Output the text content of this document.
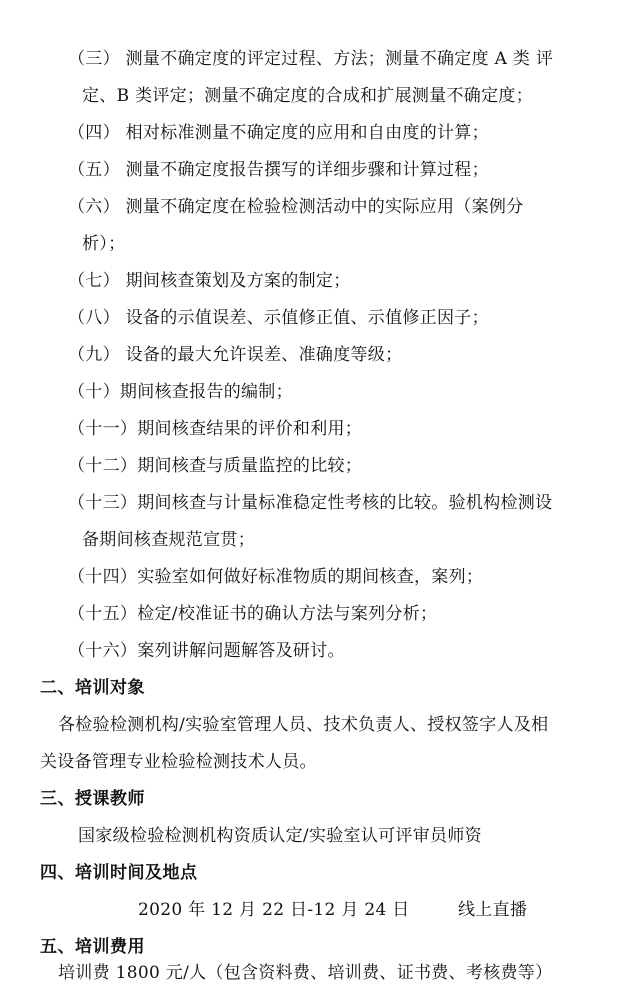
（三） 测量不确定度的评定过程、方法；测量不确定度 A 类 评
定、B 类评定；测量不确定度的合成和扩展测量不确定度；
（四） 相对标准测量不确定度的应用和自由度的计算；
（五） 测量不确定度报告撰写的详细步骤和计算过程；
（六） 测量不确定度在检验检测活动中的实际应用（案例分
析）；
（七） 期间核查策划及方案的制定；
（八） 设备的示值误差、示值修正值、示值修正因子；
（九） 设备的最大允许误差、准确度等级；
（十）期间核查报告的编制；
（十一）期间核查结果的评价和利用；
（十二）期间核查与质量监控的比较；
（十三）期间核查与计量标准稳定性考核的比较。验机构检测设
备期间核查规范宣贯；
（十四）实验室如何做好标准物质的期间核查，案列；
（十五）检定/校准证书的确认方法与案列分析；
（十六）案列讲解问题解答及研讨。
二、培训对象
各检验检测机构/实验室管理人员、技术负责人、授权签字人及相
关设备管理专业检验检测技术人员。
三、授课教师
国家级检验检测机构资质认定/实验室认可评审员师资
四、培训时间及地点
2020 年 12 月 22 日-12 月 24 日	线上直播
五、培训费用
培训费 1800 元/人（包含资料费、培训费、证书费、考核费等）
